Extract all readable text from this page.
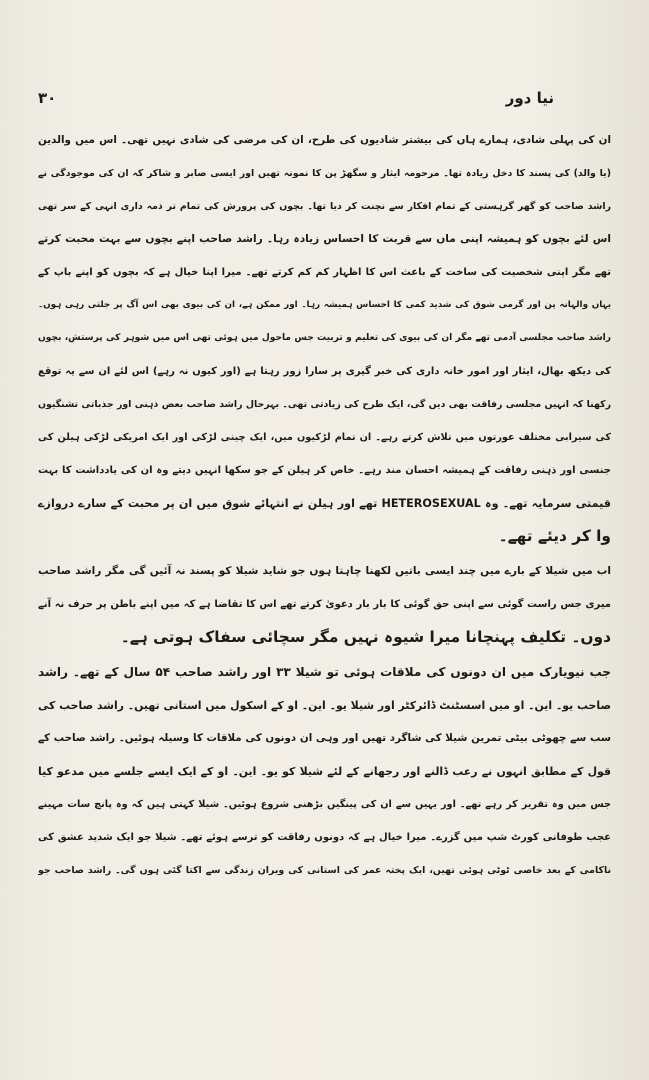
۳۰	نیا دور
ان کی پہلی شادی، ہمارے ہاں کی بیشتر شادیوں کی طرح، ان کی مرضی کی شادی نہیں تھی۔ اس میں والدین
(یا والد) کی پسند کا دخل زیادہ تھا۔ مرحومہ ایثار و سگھڑ پن کا نمونہ تھیں اور ایسی صابر و شاکر کہ ان کی موجودگی نے
راشد صاحب کو گھر گرہستی کے تمام افکار سے نچنت کر دیا تھا۔ بچوں کی پرورش کی تمام تر ذمہ داری انہی کے سر تھی
اس لئے بچوں کو ہمیشہ اپنی ماں سے قربت کا احساس زیادہ رہا۔ راشد صاحب اپنے بچوں سے بہت محبت کرتے
تھے مگر اپنی شخصیت کی ساخت کے باعث اس کا اظہار کم کم کرتے تھے۔ میرا اپنا خیال ہے کہ بچوں کو اپنے باپ کے
یہاں والہانہ پن اور گرمی شوق کی شدید کمی کا احساس ہمیشہ رہا۔ اور ممکن ہے، ان کی بیوی بھی اس آگ پر جلتی رہی ہوں۔
راشد صاحب مجلسی آدمی تھے مگر ان کی بیوی کی تعلیم و تربیت جس ماحول میں ہوئی تھی اس میں شوہر کی پرستش، بچوں
کی دیکھ بھال، ایثار اور امور خانہ داری کی خبر گیری پر سارا زور رہتا ہے (اور کیوں نہ رہے) اس لئے ان سے یہ توقع
رکھنا کہ انہیں مجلسی رفاقت بھی دیں گی، ایک طرح کی زیادتی تھی۔ بہرحال راشد صاحب بعض ذہنی اور جذباتی تشنگیوں
کی سیرابی مختلف عورتوں میں تلاش کرتے رہے۔ ان تمام لڑکیوں میں، ایک چینی لڑکی اور ایک امریکی لڑکی ہیلن کی
جنسی اور ذہنی رفاقت کے ہمیشہ احسان مند رہے۔ خاص کر ہیلن کے جو سکھا انہیں دیتے وہ ان کی یادداشت کا بہت
قیمتی سرمایہ تھے۔ وہ HETEROSEXUAL تھے اور ہیلن نے انتہائے شوق میں ان پر محبت کے سارے دروازے
وا کر دیئے تھے۔
اب میں شیلا کے بارے میں چند ایسی باتیں لکھنا چاہتا ہوں جو شاید شیلا کو پسند نہ آئیں گی مگر راشد صاحب
میری جس راست گوئی سے اپنی حق گوئی کا بار بار دعویٰ کرتے تھے اس کا تقاضا ہے کہ میں اپنے باطن پر حرف نہ آنے
دوں۔ تکلیف پہنچانا میرا شیوہ نہیں مگر سچائی سفاک ہوتی ہے۔
جب نیویارک میں ان دونوں کی ملاقات ہوئی تو شیلا ۳۳ اور راشد صاحب ۵۴ سال کے تھے۔ راشد
صاحب یو۔ این۔ او میں اسسٹنٹ ڈائرکٹر اور شیلا یو۔ این۔ او کے اسکول میں استانی تھیں۔ راشد صاحب کی
سب سے چھوٹی بیٹی تمرین شیلا کی شاگرد تھیں اور وہی ان دونوں کی ملاقات کا وسیلہ ہوئیں۔ راشد صاحب کے
قول کے مطابق انہوں نے رعب ڈالنے اور رجھانے کے لئے شیلا کو یو۔ این۔ او کے ایک ایسے جلسے میں مدعو کیا
جس میں وہ تقریر کر رہے تھے۔ اور یہیں سے ان کی پینگیں بڑھنی شروع ہوئیں۔ شیلا کہتی ہیں کہ وہ پانچ سات مہینے
عجب طوفانی کورٹ شپ میں گزرے۔ میرا خیال ہے کہ دونوں رفاقت کو ترسے ہوئے تھے۔ شیلا جو ایک شدید عشق کی
ناکامی کے بعد خاصی ٹوٹی ہوئی تھیں، ایک پختہ عمر کی استانی کی ویران زندگی سے اکتا گئی ہوں گی۔ راشد صاحب جو
